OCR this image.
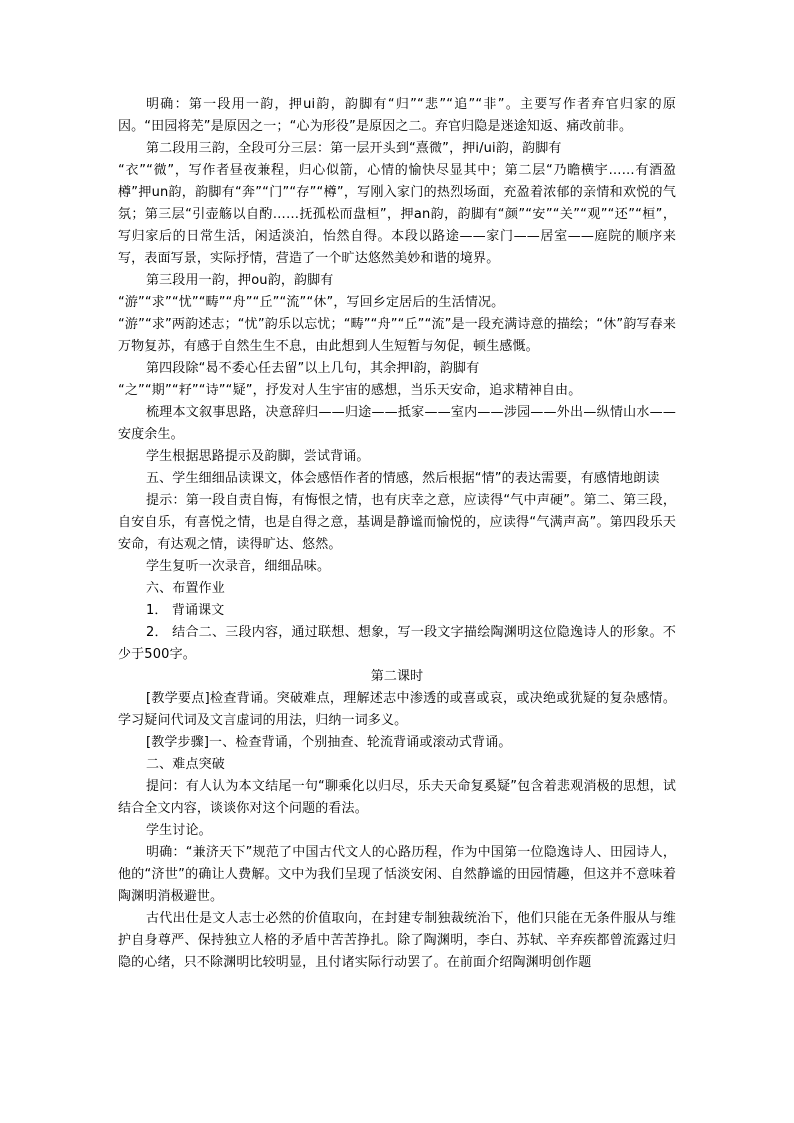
明确：第一段用一韵，押ui韵，韵脚有“归”“悲”“追”“非”。主要写作者弃官归家的原因。“田园将芜”是原因之一；“心为形役”是原因之二。弃官归隐是迷途知返、痛改前非。

第二段用三韵，全段可分三层：第一层开头到“熹微”，押i/ui韵，韵脚有

“衣”“微”，写作者昼夜兼程，归心似箭，心情的愉快尽显其中；第二层“乃瞻横宇……有酒盈樽”押un韵，韵脚有“奔”“门”“存”“樽”，写刚入家门的热烈场面，充盈着浓郁的亲情和欢悦的气氛；第三层“引壶觞以自酌……抚孤松而盘桓”，押an韵，韵脚有“颜”“安”“关”“观”“还”“桓”，写归家后的日常生活，闲适淡泊，怡然自得。本段以路途——家门——居室——庭院的顺序来写，表面写景，实际抒情，营造了一个旷达悠然美妙和谐的境界。

第三段用一韵，押ou韵，韵脚有

“游”“求”“忧”“畴”“舟”“丘”“流”“休”，写回乡定居后的生活情况。

“游”“求”两韵述志；“忧”韵乐以忘忧；“畴”“舟”“丘”“流”是一段充满诗意的描绘；“休”韵写春来万物复苏，有感于自然生生不息，由此想到人生短暂与匆促，顿生感慨。

第四段除“曷不委心任去留”以上几句，其余押I韵，韵脚有

“之”“期”“耔”“诗”“疑”，抒发对人生宇宙的感想，当乐天安命，追求精神自由。

梳理本文叙事思路，决意辞归——归途——抵家——室内——涉园——外出—纵情山水——安度余生。

学生根据思路提示及韵脚，尝试背诵。

五、学生细细品读课文，体会感悟作者的情感，然后根据“情”的表达需要，有感情地朗读

提示：第一段自责自悔，有悔恨之情，也有庆幸之意，应读得“气中声硬”。第二、第三段，自安自乐，有喜悦之情，也是自得之意，基调是静谧而愉悦的，应读得“气满声高”。第四段乐天安命，有达观之情，读得旷达、悠然。

学生复听一次录音，细细品味。

六、布置作业

1． 背诵课文

2． 结合二、三段内容，通过联想、想象，写一段文字描绘陶渊明这位隐逸诗人的形象。不少于500字。

第二课时

[教学要点]检查背诵。突破难点，理解述志中渗透的或喜或哀，或决绝或犹疑的复杂感情。学习疑问代词及文言虚词的用法，归纳一词多义。

[教学步骤]一、检查背诵，个别抽查、轮流背诵或滚动式背诵。

二、难点突破

提问：有人认为本文结尾一句“聊乘化以归尽，乐夫天命复奚疑”包含着悲观消极的思想，试结合全文内容，谈谈你对这个问题的看法。

学生讨论。

明确：“兼济天下”规范了中国古代文人的心路历程，作为中国第一位隐逸诗人、田园诗人，他的“济世”的确让人费解。文中为我们呈现了恬淡安闲、自然静谧的田园情趣，但这并不意味着陶渊明消极避世。

古代出仕是文人志士必然的价值取向，在封建专制独裁统治下，他们只能在无条件服从与维护自身尊严、保持独立人格的矛盾中苦苦挣扎。除了陶渊明，李白、苏轼、辛弃疾都曾流露过归隐的心绪，只不除渊明比较明显，且付诸实际行动罢了。在前面介绍陶渊明创作题
